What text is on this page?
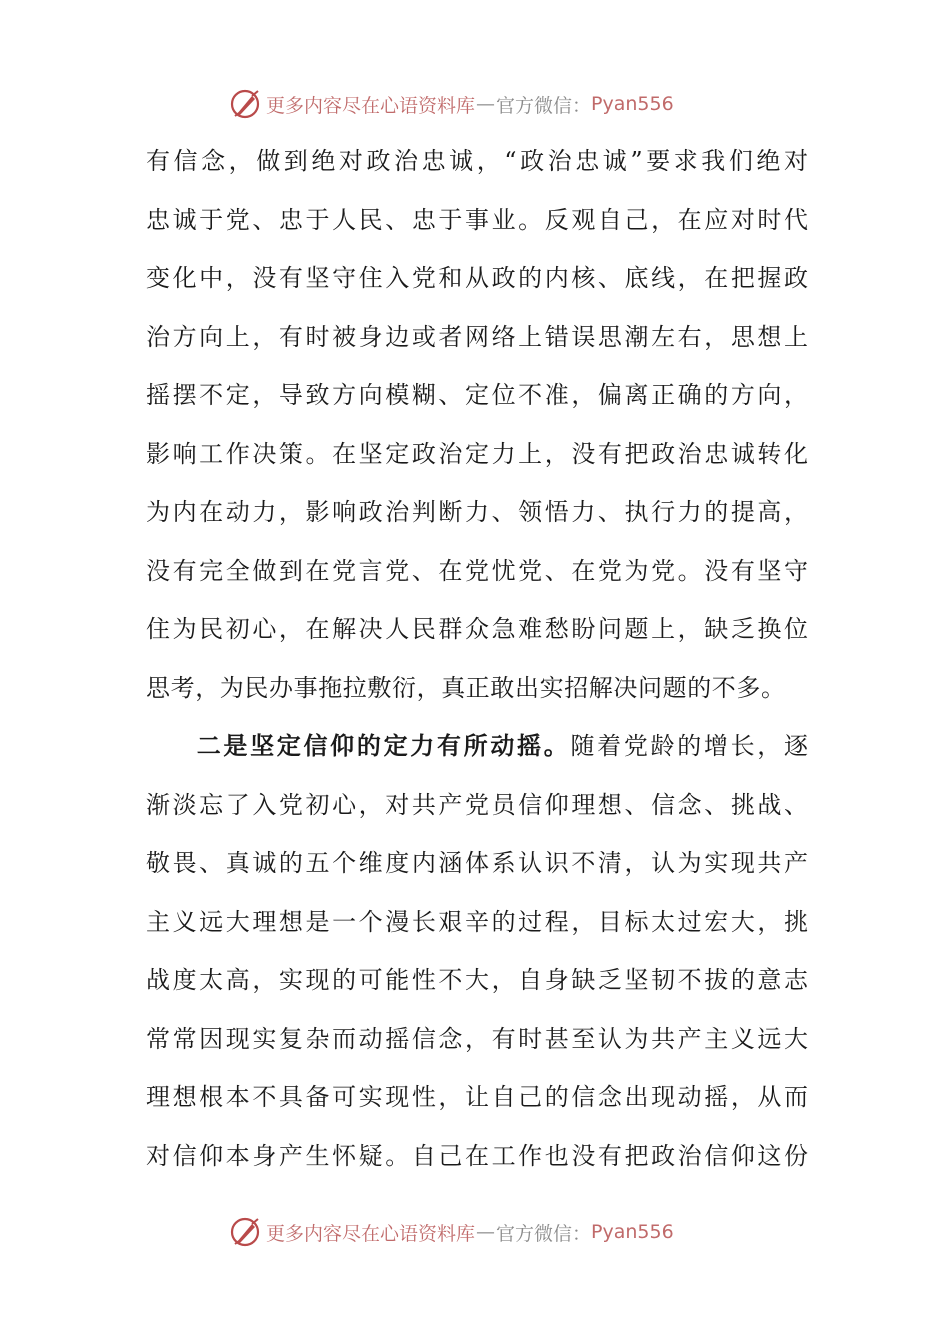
更多内容尽在心语资料库 — 官方微信： Pyan556
有信念，做到绝对政治忠诚，“政治忠诚”要求我们绝对
忠诚于党、忠于人民、忠于事业。反观自己，在应对时代
变化中，没有坚守住入党和从政的内核、底线，在把握政
治方向上，有时被身边或者网络上错误思潮左右，思想上
摇摆不定，导致方向模糊、定位不准，偏离正确的方向，
影响工作决策。在坚定政治定力上，没有把政治忠诚转化
为内在动力，影响政治判断力、领悟力、执行力的提高，
没有完全做到在党言党、在党忧党、在党为党。没有坚守
住为民初心，在解决人民群众急难愁盼问题上，缺乏换位
思考，为民办事拖拉敷衍，真正敢出实招解决问题的不多。
二是坚定信仰的定力有所动摇。随着党龄的增长，逐
渐淡忘了入党初心，对共产党员信仰理想、信念、挑战、
敬畏、真诚的五个维度内涵体系认识不清，认为实现共产
主义远大理想是一个漫长艰辛的过程，目标太过宏大，挑
战度太高，实现的可能性不大，自身缺乏坚韧不拔的意志
常常因现实复杂而动摇信念，有时甚至认为共产主义远大
理想根本不具备可实现性，让自己的信念出现动摇，从而
对信仰本身产生怀疑。自己在工作也没有把政治信仰这份
更多内容尽在心语资料库 — 官方微信： Pyan556
